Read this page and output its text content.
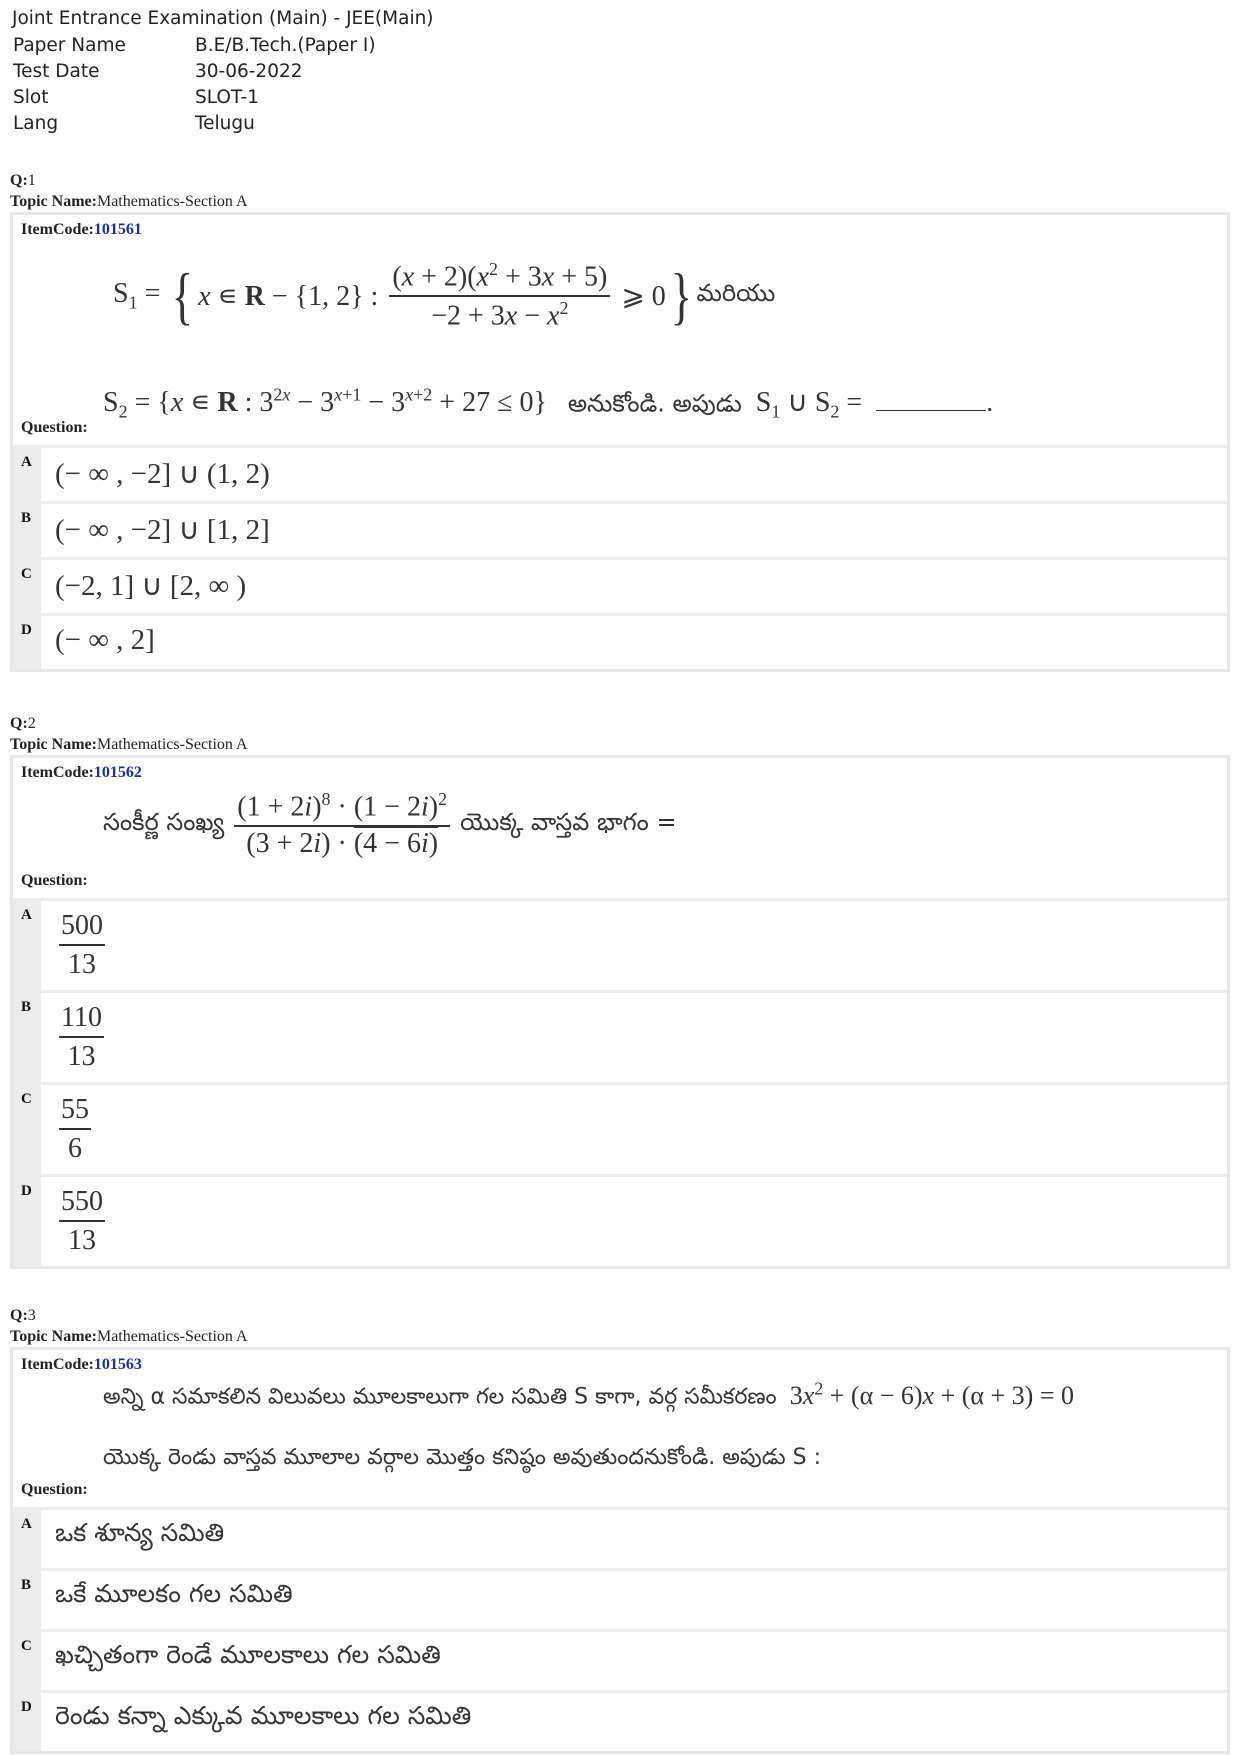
Joint Entrance Examination (Main) - JEE(Main)
Paper Name	B.E/B.Tech.(Paper I)
Test Date	30-06-2022
Slot	SLOT-1
Lang	Telugu
Q:1
Topic Name:Mathematics-Section A
ItemCode:101561
$S_1$ = { x ∊ R − {1, 2} : $\frac{(x + 2)(x^2 + 3x + 5)}{-2 + 3x - x^2}$ ⩾ 0 } మరియు
$S_2 = \{x$ ∊ R : $3^{2x} - 3^{x+1} - 3^{x+2} + 27 \le 0$}   అనుకోండి. అపుడు  $S_1$ ∪ $S_2$ =	.
Question:
A (− ∞ , −2] ∪ (1, 2)
B (− ∞ , −2] ∪ [1, 2]
C (−2, 1] ∪ [2, ∞ )
D (− ∞ , 2]
Q:2
Topic Name:Mathematics-Section A
ItemCode:101562
సంకీర్ణ సంఖ్య $\frac{(1 + 2i)^8 \cdot (1 - 2i)^2}{(3 + 2i) \cdot (4 - 6i)}$ యొక్క వాస్తవ భాగం =
Question:
A 500
13
B 110
13
C 55
6
D 550
13
Q:3
Topic Name:Mathematics-Section A
ItemCode:101563
అన్ని α సమాకలిన విలువలు మూలకాలుగా గల సమితి S కాగా, వర్గ సమీకరణం  $3x^2 + (\alpha - 6)x + (\alpha + 3) = 0$
యొక్క రెండు వాస్తవ మూలాల వర్గాల మొత్తం కనిష్ఠం అవుతుందనుకోండి. అపుడు S :
Question:
A ఒక శూన్య సమితి
B ఒకే మూలకం గల సమితి
C ఖచ్చితంగా రెండే మూలకాలు గల సమితి
D రెండు కన్నా ఎక్కువ మూలకాలు గల సమితి
